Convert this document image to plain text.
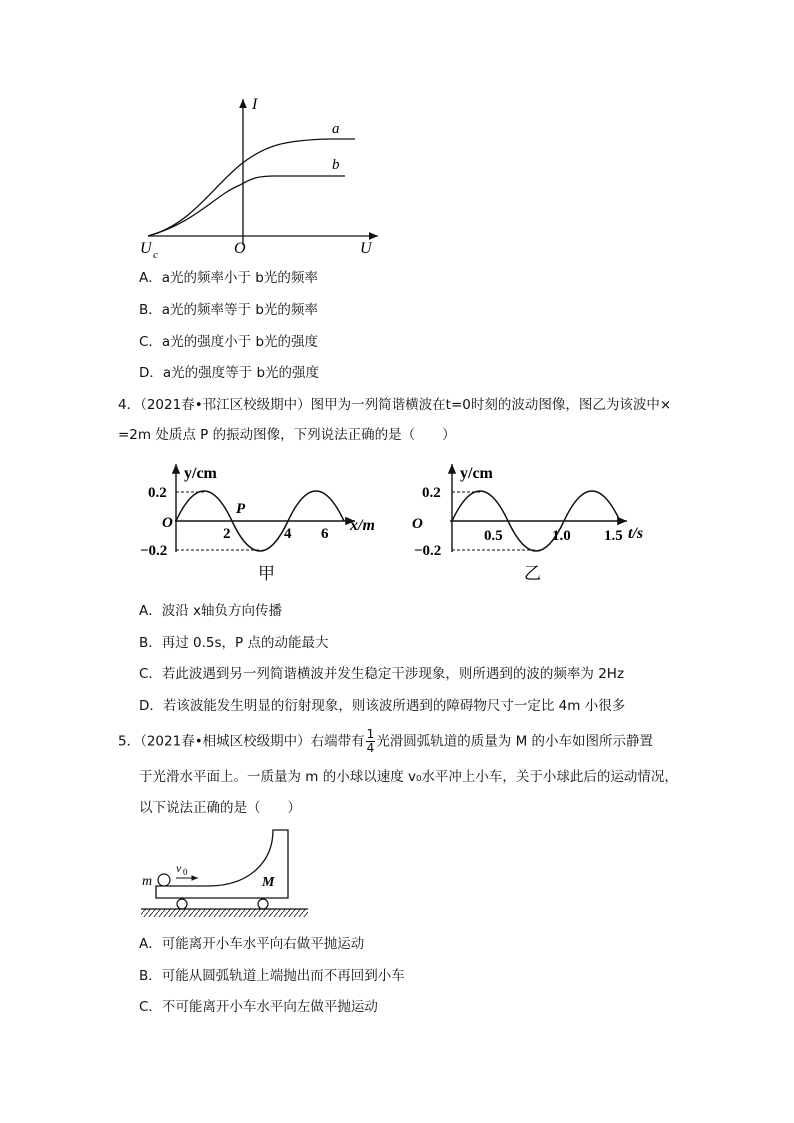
I
a
b
O	U
U c
A．a光的频率小于 b光的频率
B．a光的频率等于 b光的频率
C．a光的强度小于 b光的强度
D．a光的强度等于 b光的强度
4．（2021春•邗江区校级期中）图甲为一列简谐横波在t=0时刻的波动图像，图乙为该波中×
=2m 处质点 P 的振动图像，下列说法正确的是（　　）
y/cm
0.2
O
−0.2
P
2	4 6 x/m
甲
y/cm
0.2
O
−0.2
0.5	1.0 1.5 t/s
乙
A．波沿 x轴负方向传播
B．再过 0.5s，P 点的动能最大
C．若此波遇到另一列简谐横波并发生稳定干涉现象，则所遇到的波的频率为 2Hz
D．若该波能发生明显的衍射现象，则该波所遇到的障碍物尺寸一定比 4m 小很多
5．（2021春•相城区校级期中）右端带有 $\frac{1}{4}$ 光滑圆弧轨道的质量为 M 的小车如图所示静置
于光滑水平面上。一质量为 m 的小球以速度 v₀水平冲上小车，关于小球此后的运动情况，
以下说法正确的是（　　）
m
v 0
M
A．可能离开小车水平向右做平抛运动
B．可能从圆弧轨道上端抛出而不再回到小车
C．不可能离开小车水平向左做平抛运动
